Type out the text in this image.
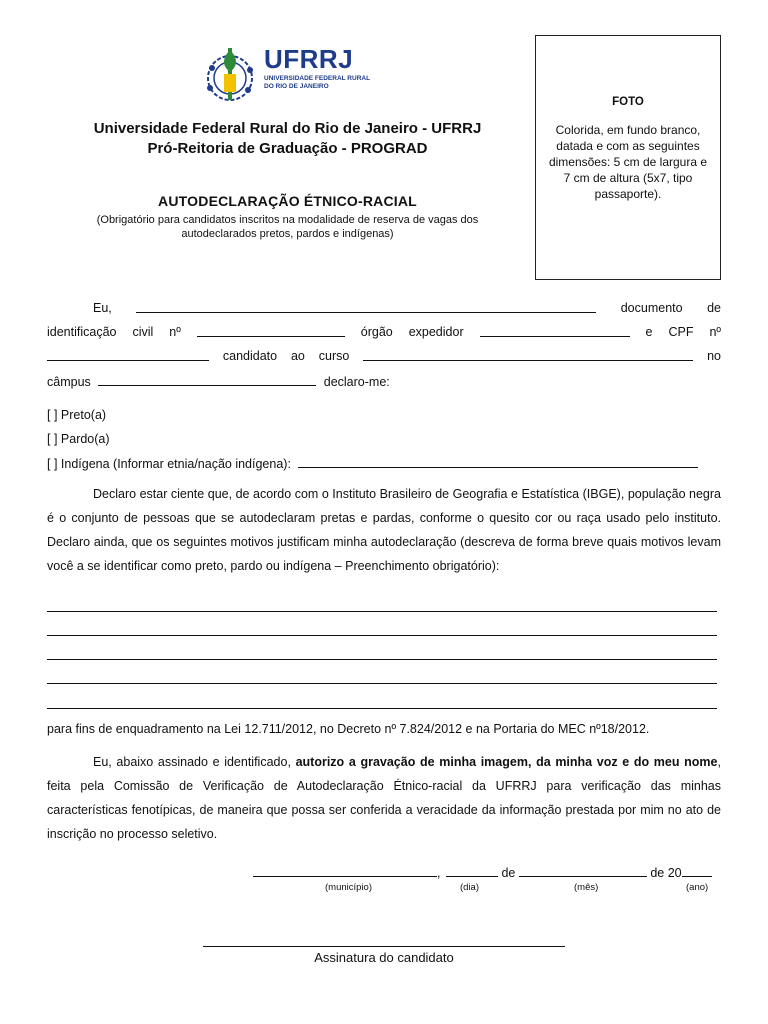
UFRRJ
UNIVERSIDADE FEDERAL RURAL
DO RIO DE JANEIRO
Universidade Federal Rural do Rio de Janeiro - UFRRJ
Pró-Reitoria de Graduação - PROGRAD
AUTODECLARAÇÃO ÉTNICO-RACIAL
(Obrigatório para candidatos inscritos na modalidade de reserva de vagas dos autodeclarados pretos, pardos e indígenas)
FOTO
Colorida, em fundo branco, datada e com as seguintes dimensões: 5 cm de largura e 7 cm de altura (5x7, tipo passaporte).
Eu,	documento de
identificação civil nº	órgão expedidor	e CPF nº
candidato ao curso	no
câmpus	declaro-me:
[ ] Preto(a)
[ ] Pardo(a)
[ ] Indígena (Informar etnia/nação indígena):
Declaro estar ciente que, de acordo com o Instituto Brasileiro de Geografia e Estatística (IBGE), população negra é o conjunto de pessoas que se autodeclaram pretas e pardas, conforme o quesito cor ou raça usado pelo instituto. Declaro ainda, que os seguintes motivos justificam minha autodeclaração (descreva de forma breve quais motivos levam você a se identificar como preto, pardo ou indígena – Preenchimento obrigatório):
para fins de enquadramento na Lei 12.711/2012, no Decreto nº 7.824/2012 e na Portaria do MEC nº18/2012.
Eu, abaixo assinado e identificado, autorizo a gravação de minha imagem, da minha voz e do meu nome, feita pela Comissão de Verificação de Autodeclaração Étnico-racial da UFRRJ para verificação das minhas características fenotípicas, de maneira que possa ser conferida a veracidade da informação prestada por mim no ato de inscrição no processo seletivo.
,	de	de 20
(município)	(dia)	(mês)	(ano)
Assinatura do candidato
